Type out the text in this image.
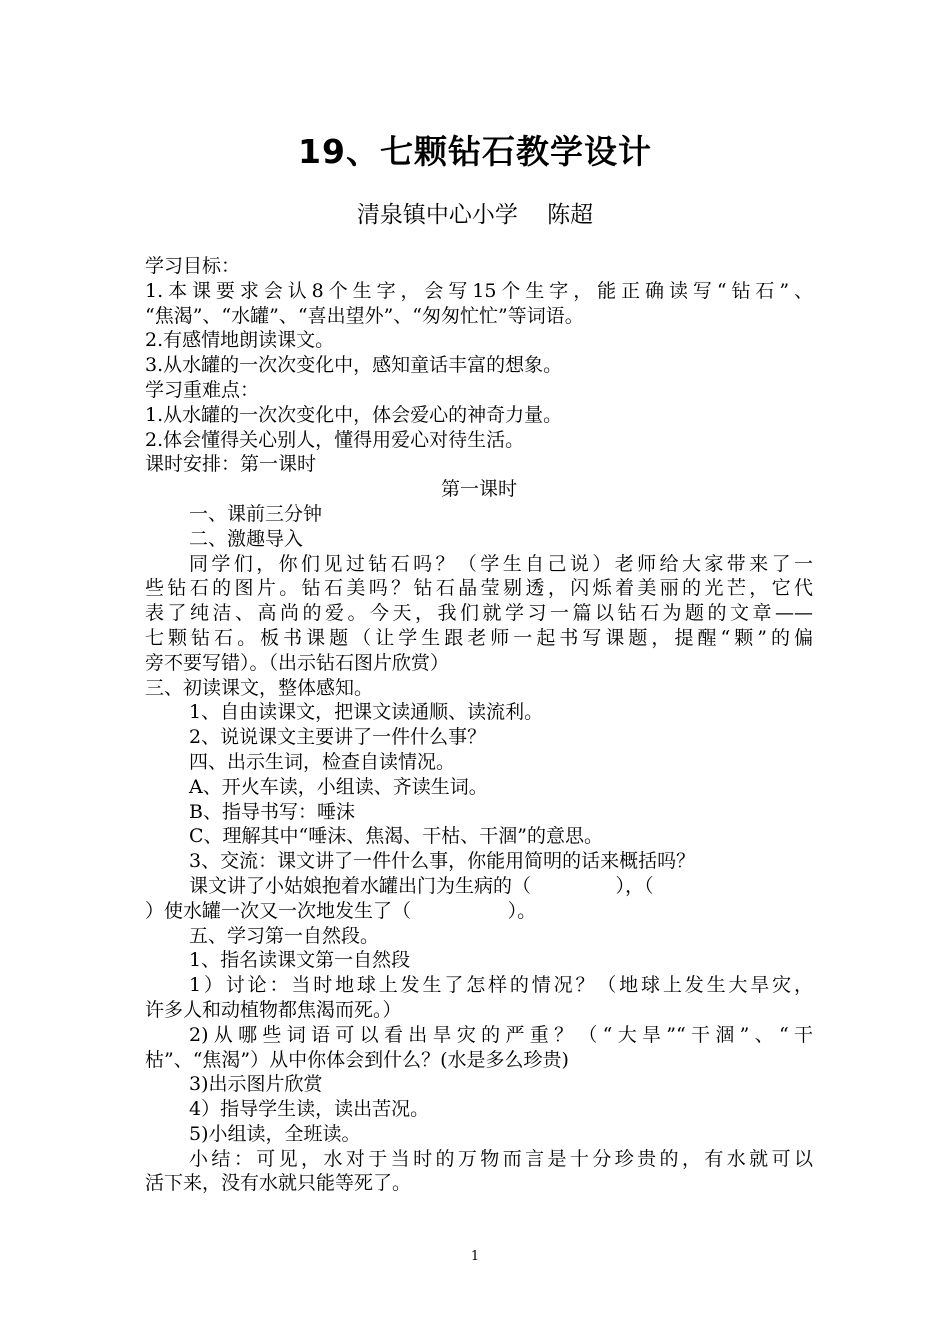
19、七颗钻石教学设计
清泉镇中心小学    陈超

学习目标：

1.本课要求会认8个生字，会写15个生字，能正确读写“钻石”、

“焦渴”、“水罐”、“喜出望外”、“匆匆忙忙”等词语。

2.有感情地朗读课文。

3.从水罐的一次次变化中，感知童话丰富的想象。

学习重难点：

1.从水罐的一次次变化中，体会爱心的神奇力量。

2.体会懂得关心别人，懂得用爱心对待生活。

课时安排：第一课时

第一课时

一、课前三分钟

二、激趣导入

同学们，你们见过钻石吗？（学生自己说）老师给大家带来了一

些钻石的图片。钻石美吗？钻石晶莹剔透，闪烁着美丽的光芒，它代

表了纯洁、高尚的爱。今天，我们就学习一篇以钻石为题的文章——

七颗钻石。板书课题（让学生跟老师一起书写课题，提醒“颗”的偏

旁不要写错）。（出示钻石图片欣赏）

三、初读课文，整体感知。

1、自由读课文，把课文读通顺、读流利。

2、说说课文主要讲了一件什么事？

四、出示生词，检查自读情况。

A、开火车读，小组读、齐读生词。

B、指导书写：唾沫

C、理解其中“唾沫、焦渴、干枯、干涸”的意思。

3、交流：课文讲了一件什么事，你能用简明的话来概括吗？

课文讲了小姑娘抱着水罐出门为生病的（              ），（

）使水罐一次又一次地发生了（                ）。

五、学习第一自然段。

1、指名读课文第一自然段

1）讨论：当时地球上发生了怎样的情况？（地球上发生大旱灾，

许多人和动植物都焦渴而死。）

2)从哪些词语可以看出旱灾的严重？（“大旱”“干涸”、“干

枯”、“焦渴”）从中你体会到什么？(水是多么珍贵)

3)出示图片欣赏

4）指导学生读，读出苦况。

5)小组读，全班读。

小结：可见，水对于当时的万物而言是十分珍贵的，有水就可以

活下来，没有水就只能等死了。

1
